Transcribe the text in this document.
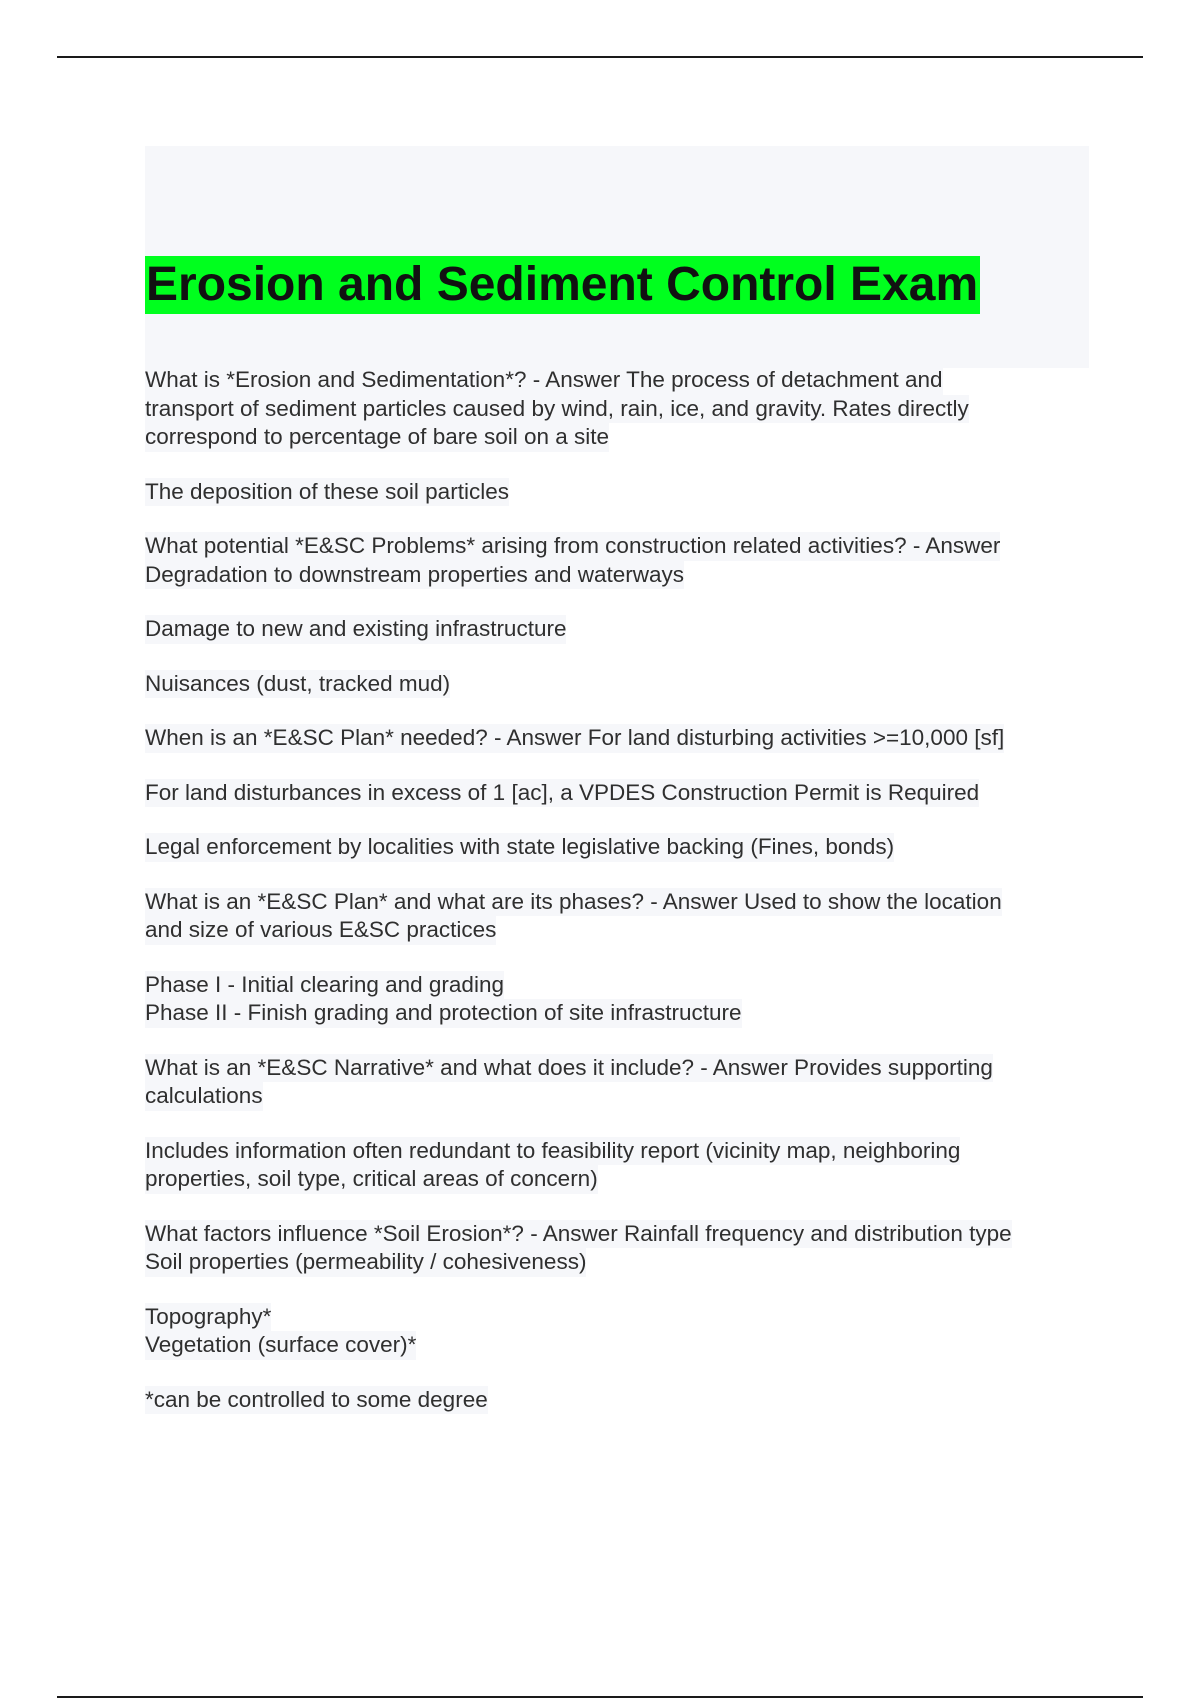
Erosion and Sediment Control Exam

What is *Erosion and Sedimentation*? - Answer The process of detachment and
transport of sediment particles caused by wind, rain, ice, and gravity. Rates directly
correspond to percentage of bare soil on a site

The deposition of these soil particles

What potential *E&SC Problems* arising from construction related activities? - Answer
Degradation to downstream properties and waterways

Damage to new and existing infrastructure

Nuisances (dust, tracked mud)

When is an *E&SC Plan* needed? - Answer For land disturbing activities >=10,000 [sf]

For land disturbances in excess of 1 [ac], a VPDES Construction Permit is Required

Legal enforcement by localities with state legislative backing (Fines, bonds)

What is an *E&SC Plan* and what are its phases? - Answer Used to show the location
and size of various E&SC practices

Phase I - Initial clearing and grading
Phase II - Finish grading and protection of site infrastructure

What is an *E&SC Narrative* and what does it include? - Answer Provides supporting
calculations

Includes information often redundant to feasibility report (vicinity map, neighboring
properties, soil type, critical areas of concern)

What factors influence *Soil Erosion*? - Answer Rainfall frequency and distribution type
Soil properties (permeability / cohesiveness)

Topography*
Vegetation (surface cover)*

*can be controlled to some degree
